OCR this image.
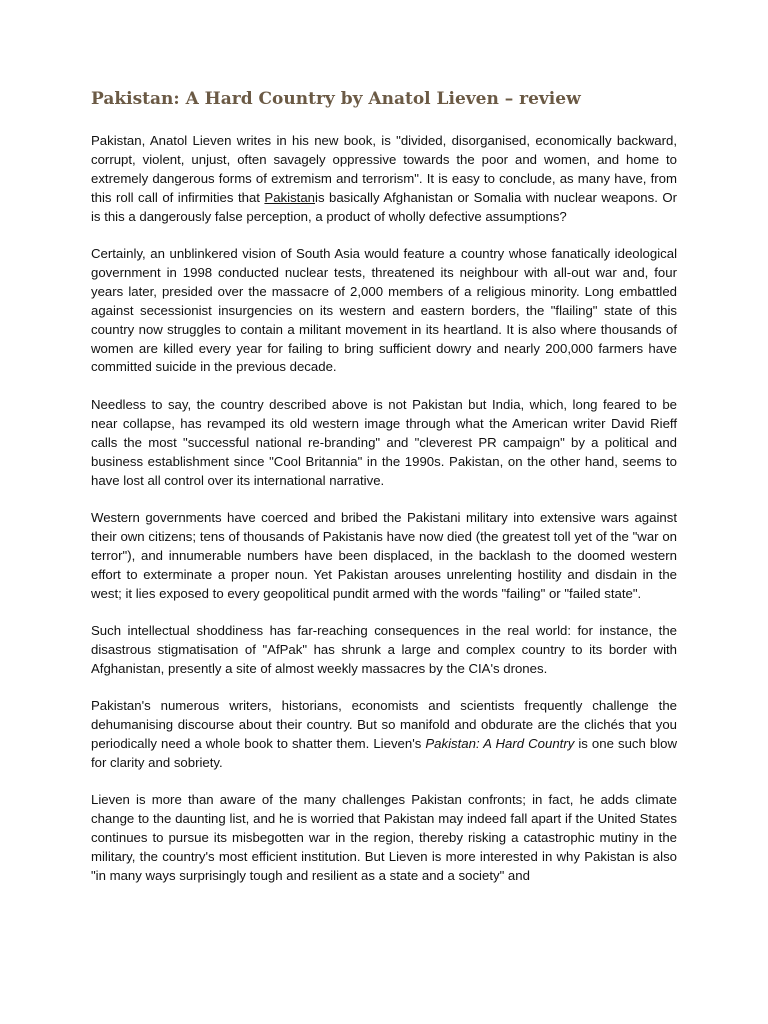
Pakistan: A Hard Country by Anatol Lieven – review

Pakistan, Anatol Lieven writes in his new book, is "divided, disorganised, economically backward, corrupt, violent, unjust, often savagely oppressive towards the poor and women, and home to extremely dangerous forms of extremism and terrorism". It is easy to conclude, as many have, from this roll call of infirmities that Pakistanis basically Afghanistan or Somalia with nuclear weapons. Or is this a dangerously false perception, a product of wholly defective assumptions?

Certainly, an unblinkered vision of South Asia would feature a country whose fanatically ideological government in 1998 conducted nuclear tests, threatened its neighbour with all-out war and, four years later, presided over the massacre of 2,000 members of a religious minority. Long embattled against secessionist insurgencies on its western and eastern borders, the "flailing" state of this country now struggles to contain a militant movement in its heartland. It is also where thousands of women are killed every year for failing to bring sufficient dowry and nearly 200,000 farmers have committed suicide in the previous decade.

Needless to say, the country described above is not Pakistan but India, which, long feared to be near collapse, has revamped its old western image through what the American writer David Rieff calls the most "successful national re-branding" and "cleverest PR campaign" by a political and business establishment since "Cool Britannia" in the 1990s. Pakistan, on the other hand, seems to have lost all control over its international narrative.

Western governments have coerced and bribed the Pakistani military into extensive wars against their own citizens; tens of thousands of Pakistanis have now died (the greatest toll yet of the "war on terror"), and innumerable numbers have been displaced, in the backlash to the doomed western effort to exterminate a proper noun. Yet Pakistan arouses unrelenting hostility and disdain in the west; it lies exposed to every geopolitical pundit armed with the words "failing" or "failed state".

Such intellectual shoddiness has far-reaching consequences in the real world: for instance, the disastrous stigmatisation of "AfPak" has shrunk a large and complex country to its border with Afghanistan, presently a site of almost weekly massacres by the CIA's drones.

Pakistan's numerous writers, historians, economists and scientists frequently challenge the dehumanising discourse about their country. But so manifold and obdurate are the clichés that you periodically need a whole book to shatter them. Lieven's Pakistan: A Hard Country is one such blow for clarity and sobriety.

Lieven is more than aware of the many challenges Pakistan confronts; in fact, he adds climate change to the daunting list, and he is worried that Pakistan may indeed fall apart if the United States continues to pursue its misbegotten war in the region, thereby risking a catastrophic mutiny in the military, the country's most efficient institution. But Lieven is more interested in why Pakistan is also "in many ways surprisingly tough and resilient as a state and a society" and
